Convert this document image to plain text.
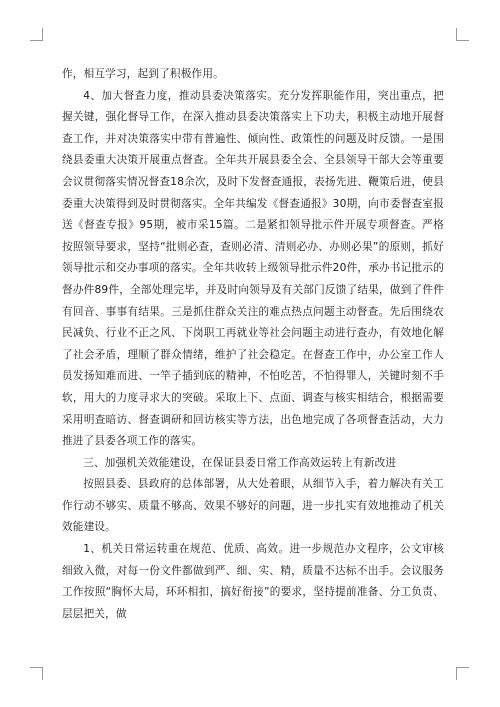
作，相互学习，起到了积极作用。

4、加大督查力度，推动县委决策落实。充分发挥职能作用，突出重点，把握关键，强化督导工作，在深入推动县委决策落实上下功夫，积极主动地开展督查工作，并对决策落实中带有普遍性、倾向性、政策性的问题及时反馈。一是围绕县委重大决策开展重点督查。全年共开展县委全会、全县领导干部大会等重要会议贯彻落实情况督查18余次，及时下发督查通报，表扬先进、鞭策后进，使县委重大决策得到及时贯彻落实。全年共编发《督查通报》30期，向市委督查室报送《督查专报》95期，被市采15篇。二是紧扣领导批示件开展专项督查。严格按照领导要求，坚持“批则必查，查则必清、清则必办、办则必果”的原则，抓好领导批示和交办事项的落实。全年共收转上级领导批示件20件，承办书记批示的督办件89件，全部处理完毕，并及时向领导及有关部门反馈了结果，做到了件件有回音、事事有结果。三是抓住群众关注的难点热点问题主动督查。先后围绕农民减负、行业不正之风、下岗职工再就业等社会问题主动进行查办，有效地化解了社会矛盾，理顺了群众情绪，维护了社会稳定。在督查工作中，办公室工作人员发扬知难而进、一竿子插到底的精神，不怕吃苦，不怕得罪人，关键时刻不手软，用大的力度寻求大的突破。采取上下、点面、调查与核实相结合，根据需要采用明查暗访、督查调研和回访核实等方法，出色地完成了各项督查活动，大力推进了县委各项工作的落实。

三、加强机关效能建设，在保证县委日常工作高效运转上有新改进

按照县委、县政府的总体部署，从大处着眼，从细节入手，着力解决有关工作行动不够实、质量不够高、效果不够好的问题，进一步扎实有效地推动了机关效能建设。

1、机关日常运转重在规范、优质、高效。进一步规范办文程序，公文审核细致入微，对每一份文件都做到严、细、实、精，质量不达标不出手。会议服务工作按照“胸怀大局，环环相扣，搞好衔接”的要求，坚持提前准备、分工负责、层层把关，做
